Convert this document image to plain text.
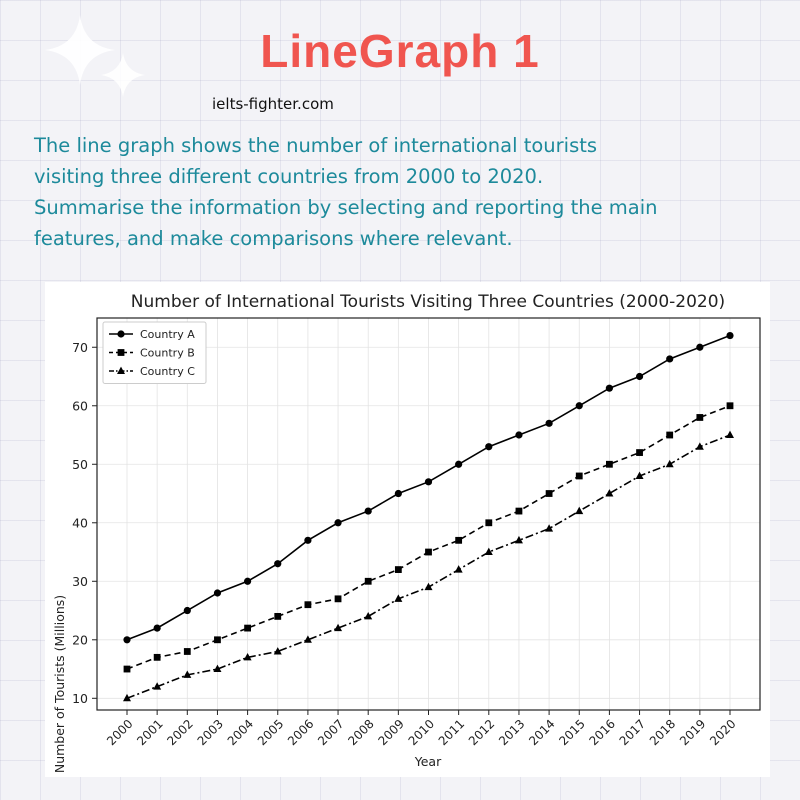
LineGraph 1
ielts-fighter.com

The line graph shows the number of international tourists
visiting three different countries from 2000 to 2020.
Summarise the information by selecting and reporting the main
features, and make comparisons where relevant.

Number of International Tourists Visiting Three Countries (2000-2020)
Number of Tourists (Millions)	Year
2000
2001
2002
2003
2004
2005
2006
2007
2008
2009
2010
2011
2012
2013
2014
2015
2016
2017
2018
2019
2020
10
20
30
40
50
60
70
Country A
Country B
Country C
